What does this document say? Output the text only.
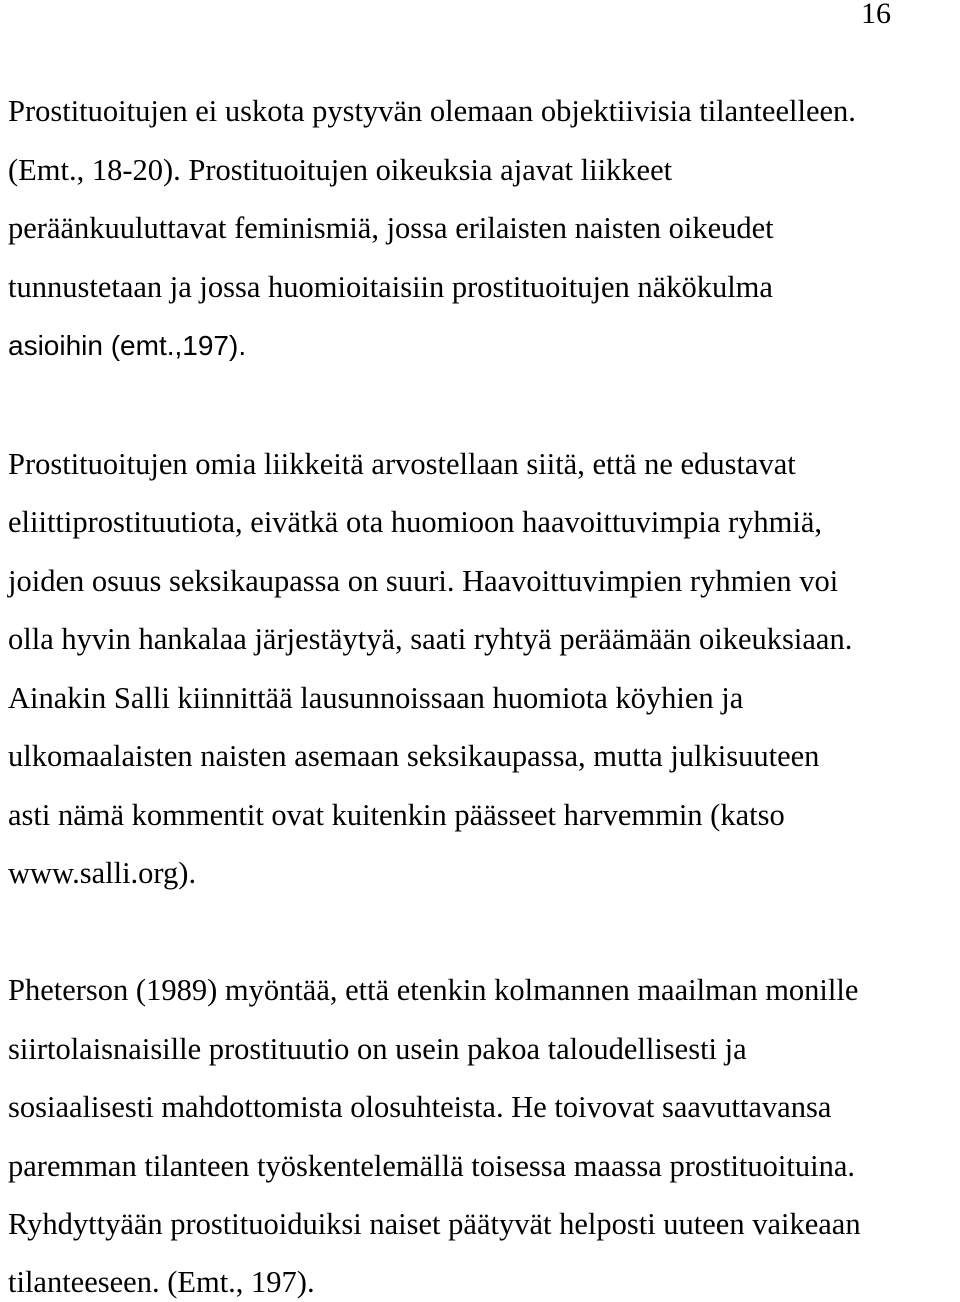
16

Prostituoitujen ei uskota pystyvän olemaan objektiivisia tilanteelleen.

(Emt., 18-20). Prostituoitujen oikeuksia ajavat liikkeet

peräänkuuluttavat feminismiä, jossa erilaisten naisten oikeudet

tunnustetaan ja jossa huomioitaisiin prostituoitujen näkökulma

asioihin (emt.,197).

Prostituoitujen omia liikkeitä arvostellaan siitä, että ne edustavat

eliittiprostituutiota, eivätkä ota huomioon haavoittuvimpia ryhmiä,

joiden osuus seksikaupassa on suuri. Haavoittuvimpien ryhmien voi

olla hyvin hankalaa järjestäytyä, saati ryhtyä peräämään oikeuksiaan.

Ainakin Salli kiinnittää lausunnoissaan huomiota köyhien ja

ulkomaalaisten naisten asemaan seksikaupassa, mutta julkisuuteen

asti nämä kommentit ovat kuitenkin päässeet harvemmin (katso

www.salli.org).

Pheterson (1989) myöntää, että etenkin kolmannen maailman monille

siirtolaisnaisille prostituutio on usein pakoa taloudellisesti ja

sosiaalisesti mahdottomista olosuhteista. He toivovat saavuttavansa

paremman tilanteen työskentelemällä toisessa maassa prostituoituina.

Ryhdyttyään prostituoiduiksi naiset päätyvät helposti uuteen vaikeaan

tilanteeseen. (Emt., 197).
